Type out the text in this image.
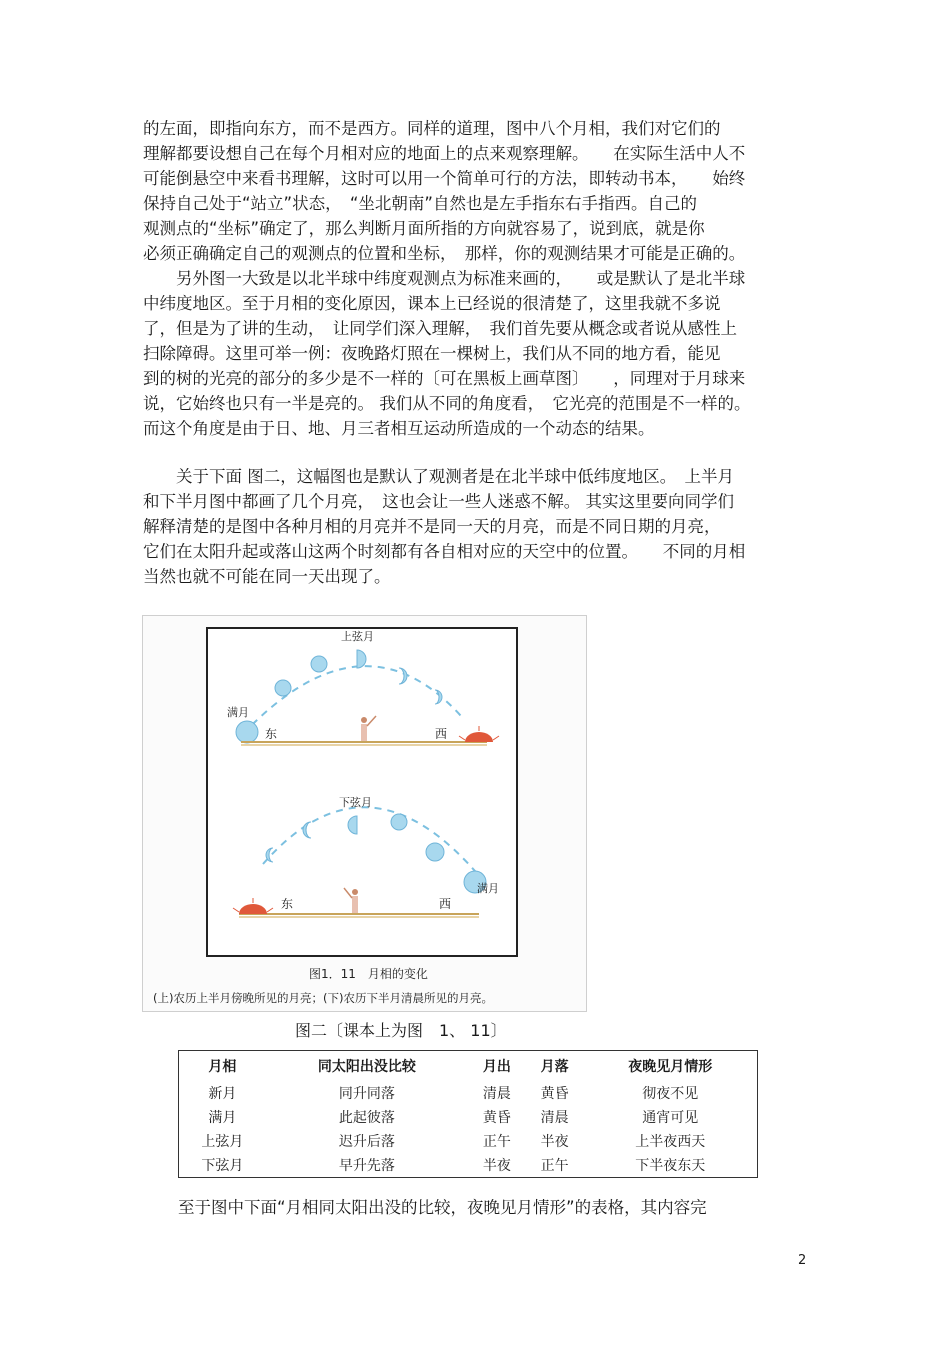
的左面，即指向东方，而不是西方。同样的道理，图中八个月相，我们对它们的
理解都要设想自己在每个月相对应的地面上的点来观察理解。　　在实际生活中人不
可能倒悬空中来看书理解，这时可以用一个简单可行的方法，即转动书本，　　始终
保持自己处于“站立”状态，　“坐北朝南”自然也是左手指东右手指西。自己的
观测点的“坐标”确定了，那么判断月面所指的方向就容易了，说到底，就是你
必须正确确定自己的观测点的位置和坐标，　那样，你的观测结果才可能是正确的。
　　另外图一大致是以北半球中纬度观测点为标准来画的，　　或是默认了是北半球
中纬度地区。至于月相的变化原因，课本上已经说的很清楚了，这里我就不多说
了，但是为了讲的生动，　让同学们深入理解，　我们首先要从概念或者说从感性上
扫除障碍。这里可举一例：夜晚路灯照在一棵树上，我们从不同的地方看，能见
到的树的光亮的部分的多少是不一样的〔可在黑板上画草图〕　　，同理对于月球来
说，它始终也只有一半是亮的。 我们从不同的角度看，　它光亮的范围是不一样的。
而这个角度是由于日、地、月三者相互运动所造成的一个动态的结果。
　　关于下面 图二，这幅图也是默认了观测者是在北半球中低纬度地区。　上半月
和下半月图中都画了几个月亮，　这也会让一些人迷惑不解。 其实这里要向同学们
解释清楚的是图中各种月相的月亮并不是同一天的月亮，而是不同日期的月亮，
它们在太阳升起或落山这两个时刻都有各自相对应的天空中的位置。　　不同的月相
当然也就不可能在同一天出现了。
上弦月
满月
东	西
下弦月
满月
东	西
图1．11　月相的变化
(上)农历上半月傍晚所见的月亮；(下)农历下半月清晨所见的月亮。
图二〔课本上为图　1、 11〕
月相	同太阳出没比较	月出	月落	夜晚见月情形
新月	同升同落	清晨	黄昏	彻夜不见
满月	此起彼落	黄昏	清晨	通宵可见
上弦月	迟升后落	正午	半夜	上半夜西天
下弦月	早升先落	半夜	正午	下半夜东天
至于图中下面“月相同太阳出没的比较，夜晚见月情形”的表格，其内容完
2
